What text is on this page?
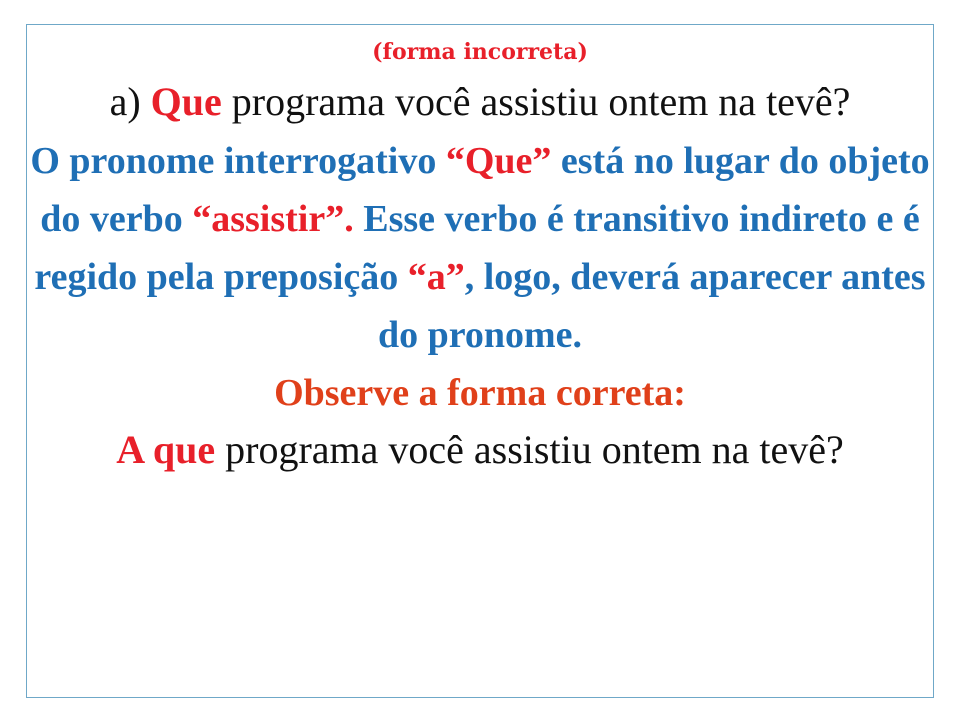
(forma incorreta)

a) Que programa você assistiu ontem na tevê?

O pronome interrogativo “Que” está no lugar do objeto do verbo “assistir”. Esse verbo é transitivo indireto e é regido pela preposição “a”, logo, deverá aparecer antes do pronome.

Observe a forma correta:

A que programa você assistiu ontem na tevê?
